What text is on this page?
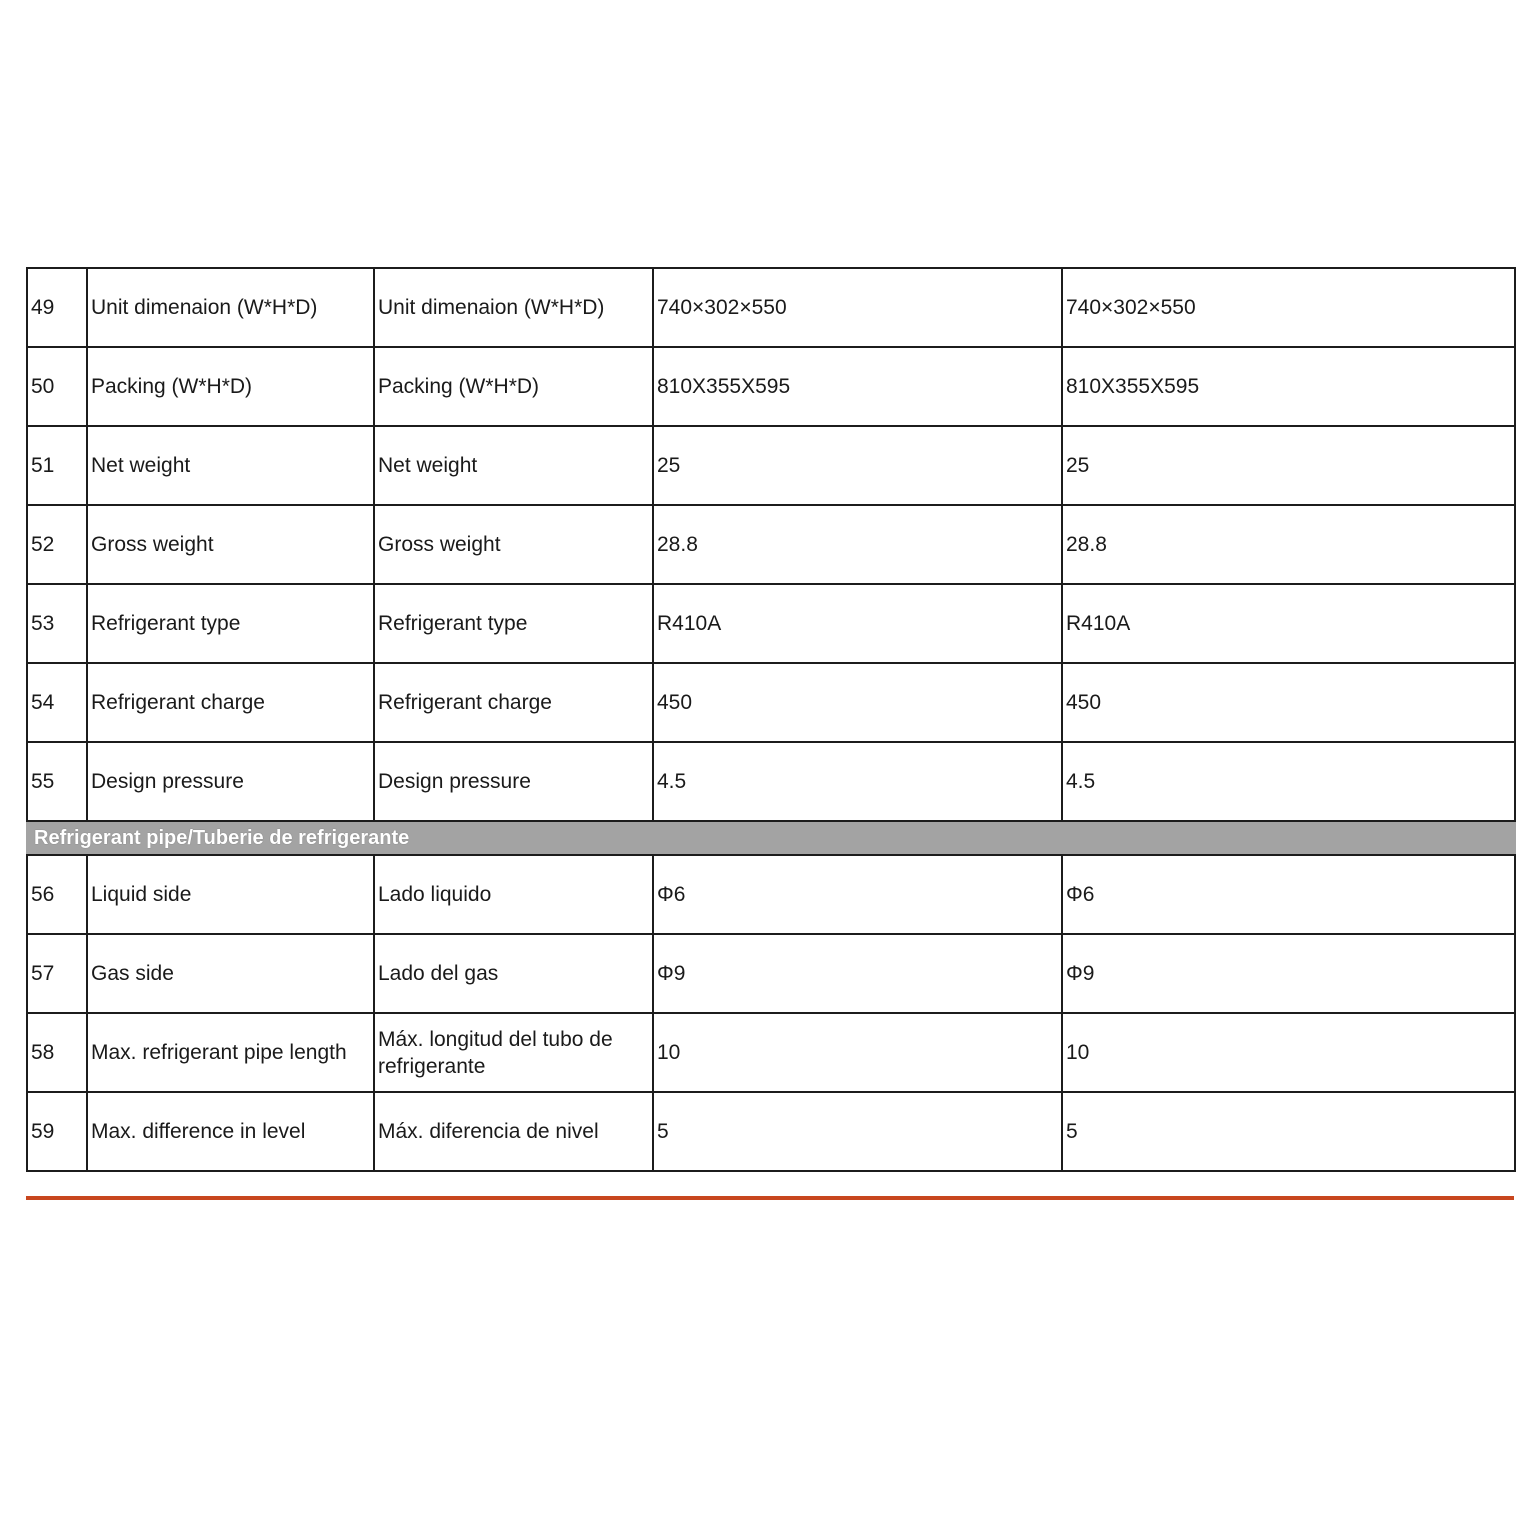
49	Unit dimenaion (W*H*D)	Unit dimenaion (W*H*D)	740×302×550	740×302×550
50	Packing (W*H*D)	Packing (W*H*D)	810X355X595	810X355X595
51	Net weight	Net weight	25	25
52	Gross weight	Gross weight	28.8	28.8
53	Refrigerant type	Refrigerant type	R410A	R410A
54	Refrigerant charge	Refrigerant charge	450	450
55	Design pressure	Design pressure	4.5	4.5
Refrigerant pipe/Tuberie de refrigerante				
56	Liquid side	Lado liquido	Φ6	Φ6
57	Gas side	Lado del gas	Φ9	Φ9
58	Max. refrigerant pipe length	Máx. longitud del tubo de refrigerante	10	10
59	Max. difference in level	Máx. diferencia de nivel	5	5
